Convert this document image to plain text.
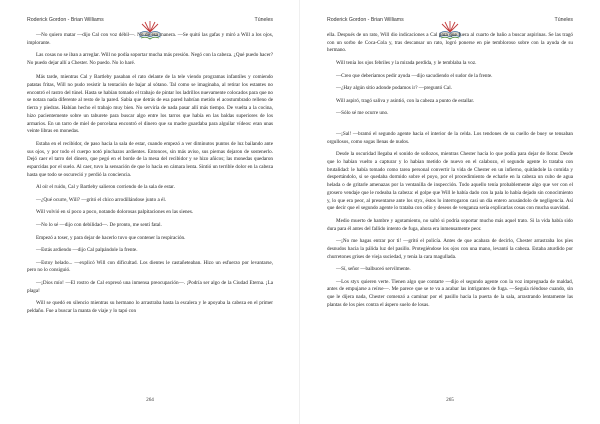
Roderick Gordon - Brian Williams	Túneles

—No quiero matar —dijo Cal con voz débil—. No de esa manera. —Se quitó las gafas y miró a Will a los ojos, implorante.

Las cosas no se iban a arreglar. Will no podía soportar mucha más presión. Negó con la cabeza. ¿Qué puedo hacer? No puedo dejar allí a Chester. No puedo. No lo haré.

Más tarde, mientras Cal y Bartleby pasaban el rato delante de la tele viendo programas infantiles y comiendo patatas fritas, Will no pudo resistir la tentación de bajar al sótano. Tal como se imaginaba, al retirar los estantes no encontró el rastro del túnel. Hasta se habían tomado el trabajo de pintar los ladrillos nuevamente colocados para que no se notara nada diferente al resto de la pared. Sabía que detrás de esa pared habrían metido el acostumbrado relleno de tierra y piedras. Habían hecho el trabajo muy bien. No serviría de nada pasar allí más tiempo. De vuelta a la cocina, hizo pacientemente sobre un taburete para buscar algo entre los tarros que había en las baldas superiores de los armarios. En un tarro de miel de porcelana encontró el dinero que su madre guardaba para alguilar vídeos: eran unas veinte libras en monedas.

Estaba en el recibidor, de paso hacia la sala de estar, cuando empezó a ver diminutos puntos de luz bailando ante sus ojos, y por todo el cuerpo notó pinchazos ardientes. Entonces, sin más aviso, sus piernas dejaron de sostenerlo. Dejó caer el tarro del dinero, que pegó en el borde de la mesa del recibidor y se hizo añicos; las monedas quedaron esparcidas por el suelo. Al caer, tuvo la sensación de que lo hacía en cámara lenta. Sintió un terrible dolor en la cabeza hasta que todo se oscureció y perdió la conciencia.

Al oír el ruido, Cal y Bartleby salieron corriendo de la sala de estar.

—¿Qué ocurre, Will? —gritó el chico arrodillándose junto a él.

Will volvió en sí poco a poco, notando dolorosas palpitaciones en las sienes.

—No lo sé —dijo con debilidad—. De pronto, me sentí fatal.

Empezó a toser, y para dejar de hacerlo tuvo que contener la respiración.

—Estás ardiendo —dijo Cal palpándole la frente.

—Estoy helado... —explicó Will con dificultad. Los dientes le castañeteaban. Hizo un esfuerzo por levantarse, pero no lo consiguió.

—¡Dios mío! —El rostro de Cal expresó una inmensa preocupación—. ¡Podría ser algo de la Ciudad Eterna. ¡La plaga!

Will se quedó en silencio mientras su hermano lo arrastraba hasta la escalera y le apoyaba la cabeza en el primer peldaño. Fue a buscar la manta de viaje y lo tapó con

264
Roderick Gordon - Brian Williams	Túneles

ella. Después de un rato, Will dio indicaciones a Cal para que fuera al cuarto de baño a buscar aspirinas. Se las tragó con un sorbo de Coca-Cola y, tras descansar un rato, logró ponerse en pie tembloroso sobre con la ayuda de su hermano.

Will tenía los ojos febriles y la mirada perdida, y le temblaba la voz.

—Creo que deberíamos pedir ayuda —dijo sacudiendo el sudor de la frente.

—¿Hay algún sitio adonde podamos ir? —preguntó Cal.

Will aspiró, tragó saliva y asintió, con la cabeza a punto de estallar.

—Sólo sé me ocurre uno.

—¡Sal! —bramó el segundo agente hacia el interior de la celda. Los tendones de su cuello de buey se tensaban orgullosos, como sogas llenas de nudos.

Desde la oscuridad llegaba el sonido de sollozos, mientras Chester hacía lo que podía para dejar de llorar. Desde que lo habían vuelto a capturar y lo habían metido de nuevo en el calabozo, el segundo agente lo trataba con brutalidad: le había tomado como tarea personal convertir la vida de Chester en un infierno, quitándole la comida y despertándolo, si se quedaba dormido sobre el poyo, por el procedimiento de echarle en la cabeza un cubo de agua helada o de gritarle amenazas por la ventanilla de inspección. Todo aquello tenía probablemente algo que ver con el grosero vendaje que le rodeaba la cabeza: el golpe que Will le había dado con la pala lo había dejado sin conocimiento y, lo que era peor, al presentarse ante los styx, éstos lo interrogaron casi un día entero acusándolo de negligencia. Así que decir que el segundo agente lo trataba con odio y deseos de venganza sería explicarlas cosas con mucha suavidad.

Medio muerto de hambre y agotamiento, no saltó si podría soportar mucho más aquel trato. Si la vida había sido dura para él antes del fallido intento de fuga, ahora era inmensamente peor.

—¡No me hagas entrar por ti! —gritó el policía. Antes de que acabara de decirlo, Chester arrastraba los pies desnudos hacia la pálida luz del pasillo. Protegiéndose los ojos con una mano, levantó la cabeza. Estaba aturdido por churretones grises de vieja suciedad, y tenía la cara magullada.

—Sí, señor —balbuceó servilmente.

—Los styx quieren verte. Tienen algo que contarte —dijo el segundo agente con la voz impregnada de maldad, antes de empujarse a reírse—. Me parece que se te va a acabar las intrigantes de fuga. —Seguía riéndose cuando, sin que le dijera nada, Chester comenzó a caminar por el pasillo hacia la puerta de la sala, arrastrando lentamente las plantas de los pies contra el áspero suelo de losas.

265
